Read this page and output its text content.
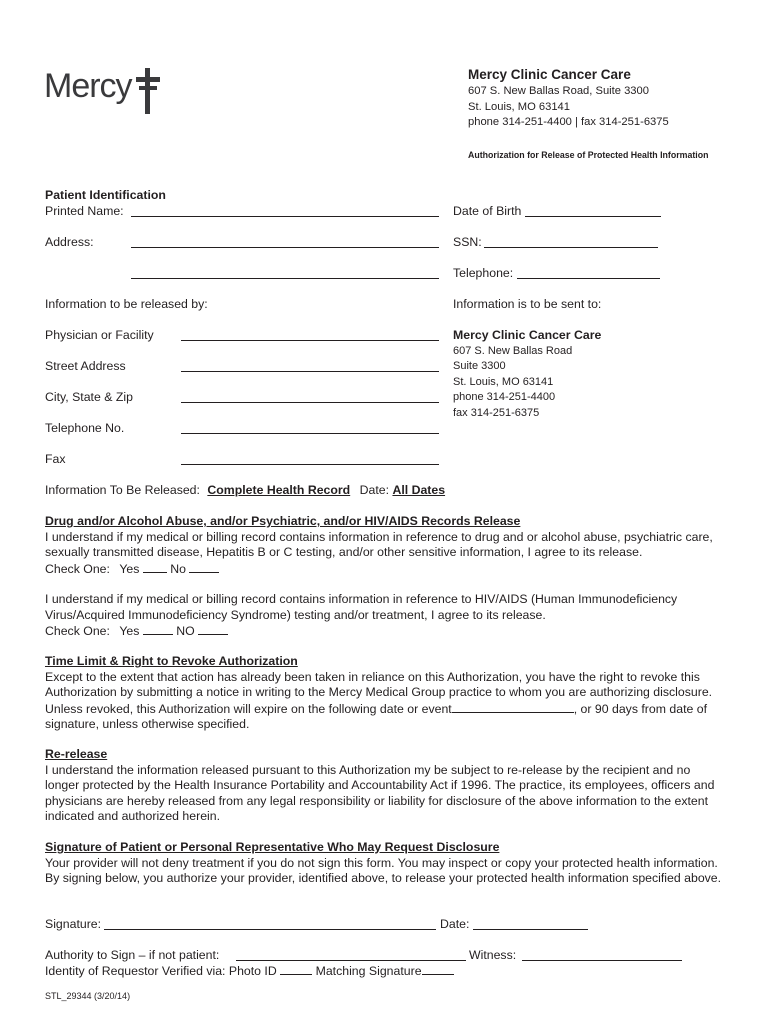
Mercy	Mercy Clinic Cancer Care
607 S. New Ballas Road, Suite 3300
St. Louis, MO 63141
phone 314-251-4400 | fax 314-251-6375
Authorization for Release of Protected Health Information
Patient Identification
Printed Name:	Date of Birth
Address:	SSN:
Telephone:
Information to be released by:	Information is to be sent to:
Physician or Facility
Street Address
City, State & Zip
Telephone No.
Fax
Mercy Clinic Cancer Care
607 S. New Ballas Road
Suite 3300
St. Louis, MO 63141
phone 314-251-4400
fax 314-251-6375
Information To Be Released: Complete Health Record Date: All Dates
Drug and/or Alcohol Abuse, and/or Psychiatric, and/or HIV/AIDS Records Release
I understand if my medical or billing record contains information in reference to drug and or alcohol abuse, psychiatric care, sexually transmitted disease, Hepatitis B or C testing, and/or other sensitive information, I agree to its release.
Check One: Yes	No
I understand if my medical or billing record contains information in reference to HIV/AIDS (Human Immunodeficiency Virus/Acquired Immunodeficiency Syndrome) testing and/or treatment, I agree to its release.
Check One: Yes	NO
Time Limit & Right to Revoke Authorization
Except to the extent that action has already been taken in reliance on this Authorization, you have the right to revoke this Authorization by submitting a notice in writing to the Mercy Medical Group practice to whom you are authorizing disclosure. Unless revoked, this Authorization will expire on the following date or event	, or 90 days from date of signature, unless otherwise specified.
Re-release
I understand the information released pursuant to this Authorization my be subject to re-release by the recipient and no longer protected by the Health Insurance Portability and Accountability Act if 1996. The practice, its employees, officers and physicians are hereby released from any legal responsibility or liability for disclosure of the above information to the extent indicated and authorized herein.
Signature of Patient or Personal Representative Who May Request Disclosure
Your provider will not deny treatment if you do not sign this form. You may inspect or copy your protected health information. By signing below, you authorize your provider, identified above, to release your protected health information specified above.
Signature:	Date:
Authority to Sign – if not patient:	Witness:
Identity of Requestor Verified via: Photo ID	Matching Signature
STL_29344 (3/20/14)
